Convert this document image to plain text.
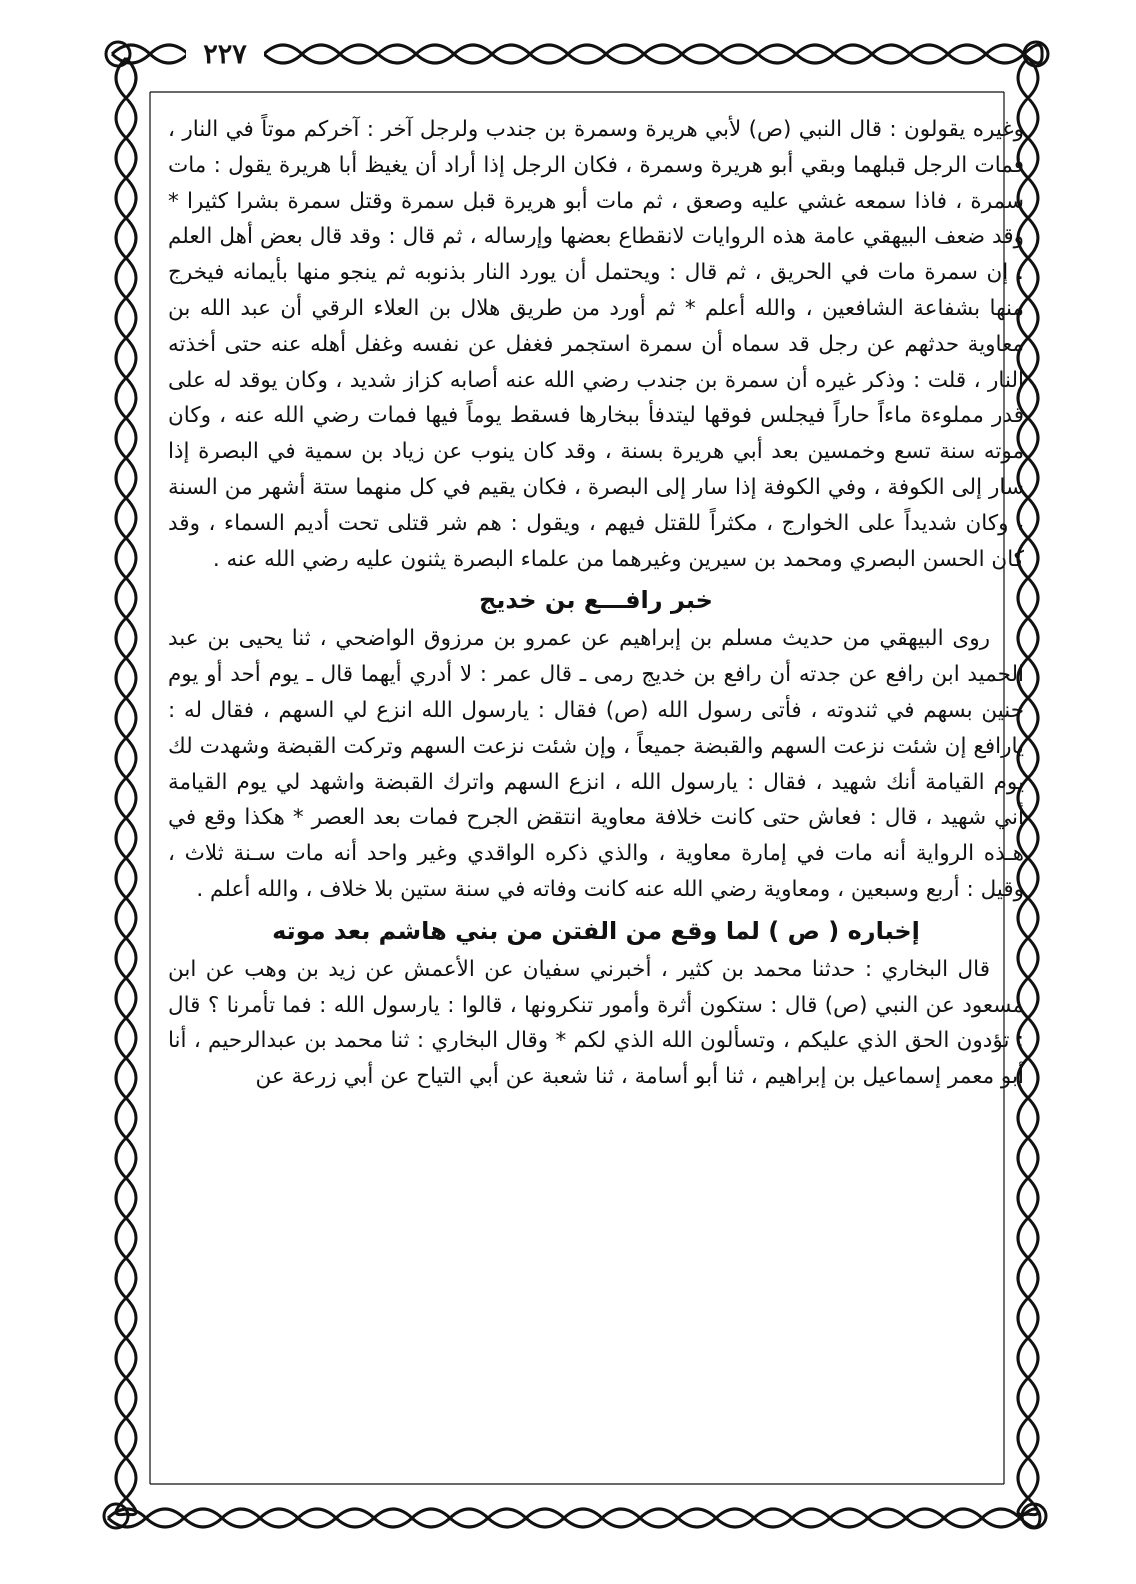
٢٢٧

وغيره يقولون : قال النبي (ص) لأبي هريرة وسمرة بن جندب ولرجل آخر : آخركم موتاً في النار ، فمات الرجل قبلهما وبقي أبو هريرة وسمرة ، فكان الرجل إذا أراد أن يغيظ أبا هريرة يقول : مات سمرة ، فاذا سمعه غشي عليه وصعق ، ثم مات أبو هريرة قبل سمرة وقتل سمرة بشرا كثيرا * وقد ضعف البيهقي عامة هذه الروايات لانقطاع بعضها وإرساله ، ثم قال : وقد قال بعض أهل العلم : إن سمرة مات في الحريق ، ثم قال : ويحتمل أن يورد النار بذنوبه ثم ينجو منها بأيمانه فيخرج منها بشفاعة الشافعين ، والله أعلم * ثم أورد من طريق هلال بن العلاء الرقي أن عبد الله بن معاوية حدثهم عن رجل قد سماه أن سمرة استجمر فغفل عن نفسه وغفل أهله عنه حتى أخذته النار ، قلت : وذكر غيره أن سمرة بن جندب رضي الله عنه أصابه كزاز شديد ، وكان يوقد له على قدر مملوءة ماءاً حاراً فيجلس فوقها ليتدفأ ببخارها فسقط يوماً فيها فمات رضي الله عنه ، وكان موته سنة تسع وخمسين بعد أبي هريرة بسنة ، وقد كان ينوب عن زياد بن سمية في البصرة إذا سار إلى الكوفة ، وفي الكوفة إذا سار إلى البصرة ، فكان يقيم في كل منهما ستة أشهر من السنة ، وكان شديداً على الخوارج ، مكثراً للقتل فيهم ، ويقول : هم شر قتلى تحت أديم السماء ، وقد كان الحسن البصري ومحمد بن سيرين وغيرهما من علماء البصرة يثنون عليه رضي الله عنه .

خبر رافـــع بن خديج

روى البيهقي من حديث مسلم بن إبراهيم عن عمرو بن مرزوق الواضحي ، ثنا يحيى بن عبد الحميد ابن رافع عن جدته أن رافع بن خديج رمى ـ قال عمر : لا أدري أيهما قال ـ يوم أحد أو يوم حنين بسهم في ثندوته ، فأتى رسول الله (ص) فقال : يارسول الله انزع لي السهم ، فقال له : يارافع إن شئت نزعت السهم والقبضة جميعاً ، وإن شئت نزعت السهم وتركت القبضة وشهدت لك يوم القيامة أنك شهيد ، فقال : يارسول الله ، انزع السهم واترك القبضة واشهد لي يوم القيامة أني شهيد ، قال : فعاش حتى كانت خلافة معاوية انتقض الجرح فمات بعد العصر * هكذا وقع في هـذه الرواية أنه مات في إمارة معاوية ، والذي ذكره الواقدي وغير واحد أنه مات سـنة ثلاث ، وقيل : أربع وسبعين ، ومعاوية رضي الله عنه كانت وفاته في سنة ستين بلا خلاف ، والله أعلم .

إخباره ( ص ) لما وقع من الفتن من بني هاشم بعد موته

قال البخاري : حدثنا محمد بن كثير ، أخبرني سفيان عن الأعمش عن زيد بن وهب عن ابن مسعود عن النبي (ص) قال : ستكون أثرة وأمور تنكرونها ، قالوا : يارسول الله : فما تأمرنا ؟ قال : تؤدون الحق الذي عليكم ، وتسألون الله الذي لكم * وقال البخاري : ثنا محمد بن عبدالرحيم ، أنا أبو معمر إسماعيل بن إبراهيم ، ثنا أبو أسامة ، ثنا شعبة عن أبي التياح عن أبي زرعة عن
